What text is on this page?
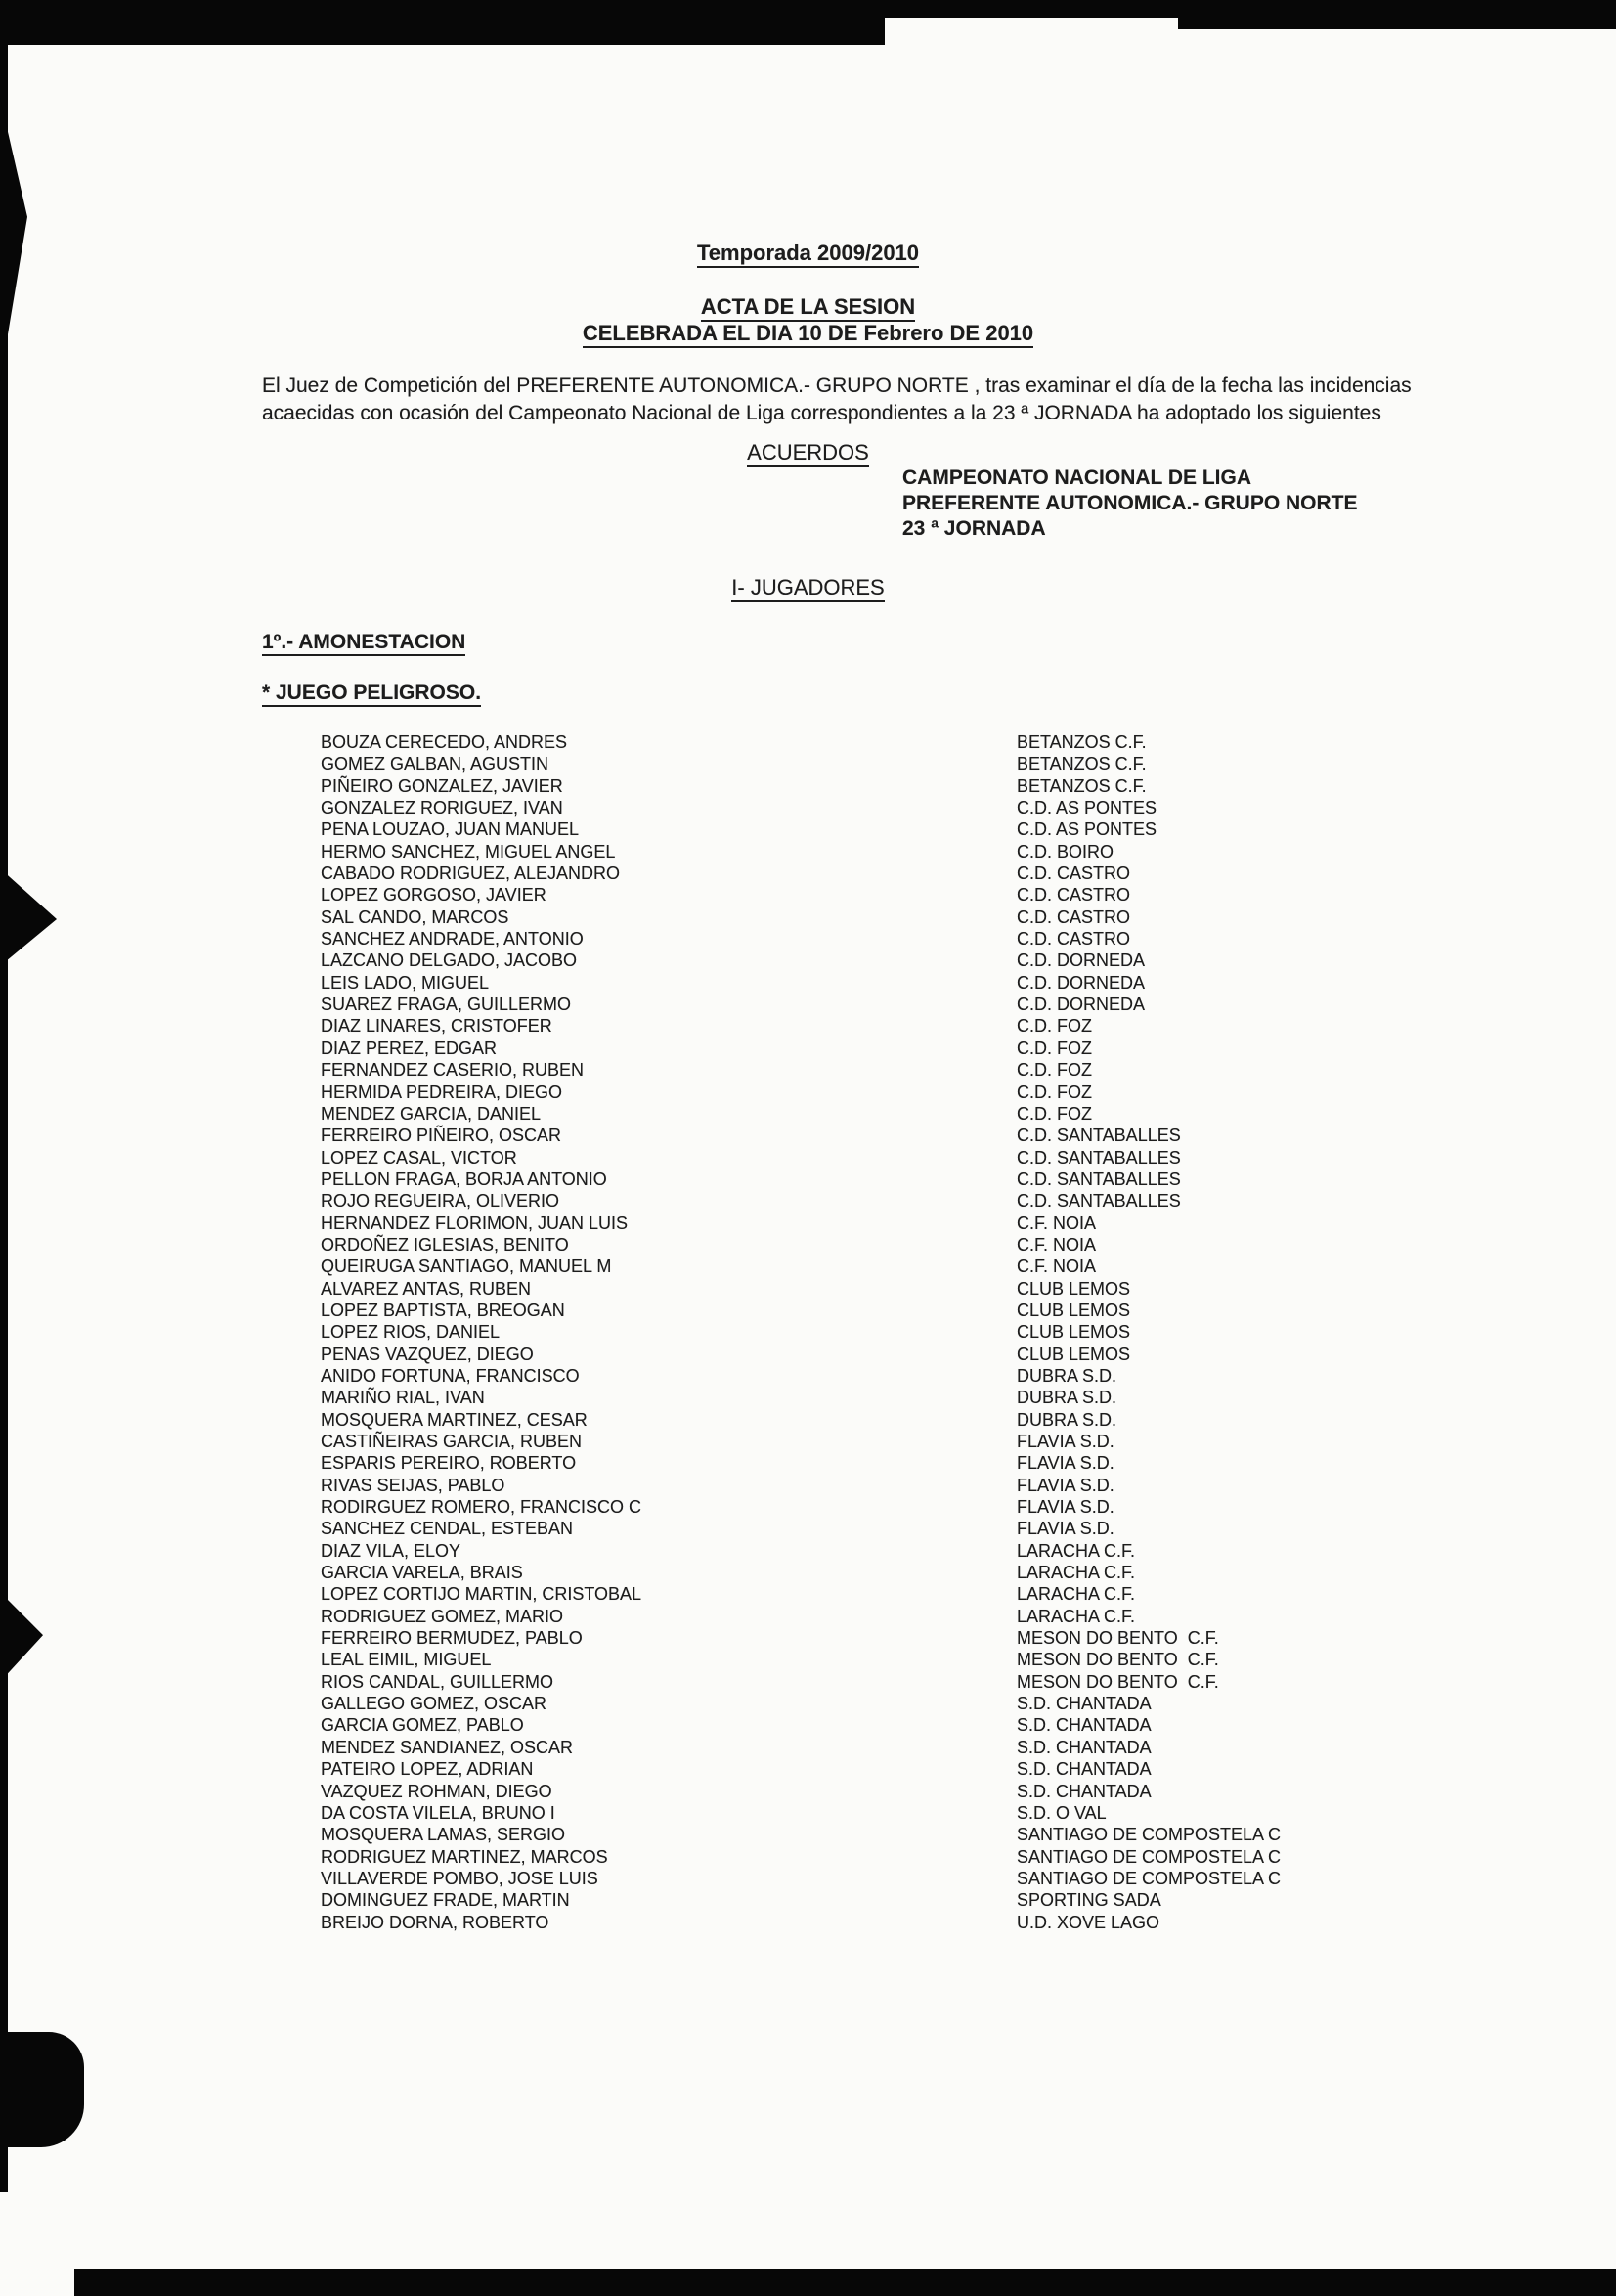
Temporada 2009/2010
ACTA DE LA SESION
CELEBRADA EL DIA 10 DE Febrero DE 2010
El Juez de Competición del PREFERENTE AUTONOMICA.- GRUPO NORTE , tras examinar el día de la fecha las incidencias
acaecidas con ocasión del Campeonato Nacional de Liga correspondientes a la 23 ª JORNADA ha adoptado los siguientes
ACUERDOS
CAMPEONATO NACIONAL DE LIGA
PREFERENTE AUTONOMICA.- GRUPO NORTE
23 ª JORNADA
I- JUGADORES
1º.- AMONESTACION
* JUEGO PELIGROSO.
BOUZA CERECEDO, ANDRES	BETANZOS C.F.
GOMEZ GALBAN, AGUSTIN	BETANZOS C.F.
PIÑEIRO GONZALEZ, JAVIER	BETANZOS C.F.
GONZALEZ RORIGUEZ, IVAN	C.D. AS PONTES
PENA LOUZAO, JUAN MANUEL	C.D. AS PONTES
HERMO SANCHEZ, MIGUEL ANGEL	C.D. BOIRO
CABADO RODRIGUEZ, ALEJANDRO	C.D. CASTRO
LOPEZ GORGOSO, JAVIER	C.D. CASTRO
SAL CANDO, MARCOS	C.D. CASTRO
SANCHEZ ANDRADE, ANTONIO	C.D. CASTRO
LAZCANO DELGADO, JACOBO	C.D. DORNEDA
LEIS LADO, MIGUEL	C.D. DORNEDA
SUAREZ FRAGA, GUILLERMO	C.D. DORNEDA
DIAZ LINARES, CRISTOFER	C.D. FOZ
DIAZ PEREZ, EDGAR	C.D. FOZ
FERNANDEZ CASERIO, RUBEN	C.D. FOZ
HERMIDA PEDREIRA, DIEGO	C.D. FOZ
MENDEZ GARCIA, DANIEL	C.D. FOZ
FERREIRO PIÑEIRO, OSCAR	C.D. SANTABALLES
LOPEZ CASAL, VICTOR	C.D. SANTABALLES
PELLON FRAGA, BORJA ANTONIO	C.D. SANTABALLES
ROJO REGUEIRA, OLIVERIO	C.D. SANTABALLES
HERNANDEZ FLORIMON, JUAN LUIS	C.F. NOIA
ORDOÑEZ IGLESIAS, BENITO	C.F. NOIA
QUEIRUGA SANTIAGO, MANUEL M	C.F. NOIA
ALVAREZ ANTAS, RUBEN	CLUB LEMOS
LOPEZ BAPTISTA, BREOGAN	CLUB LEMOS
LOPEZ RIOS, DANIEL	CLUB LEMOS
PENAS VAZQUEZ, DIEGO	CLUB LEMOS
ANIDO FORTUNA, FRANCISCO	DUBRA S.D.
MARIÑO RIAL, IVAN	DUBRA S.D.
MOSQUERA MARTINEZ, CESAR	DUBRA S.D.
CASTIÑEIRAS GARCIA, RUBEN	FLAVIA S.D.
ESPARIS PEREIRO, ROBERTO	FLAVIA S.D.
RIVAS SEIJAS, PABLO	FLAVIA S.D.
RODIRGUEZ ROMERO, FRANCISCO C	FLAVIA S.D.
SANCHEZ CENDAL, ESTEBAN	FLAVIA S.D.
DIAZ VILA, ELOY	LARACHA C.F.
GARCIA VARELA, BRAIS	LARACHA C.F.
LOPEZ CORTIJO MARTIN, CRISTOBAL	LARACHA C.F.
RODRIGUEZ GOMEZ, MARIO	LARACHA C.F.
FERREIRO BERMUDEZ, PABLO	MESON DO BENTO  C.F.
LEAL EIMIL, MIGUEL	MESON DO BENTO  C.F.
RIOS CANDAL, GUILLERMO	MESON DO BENTO  C.F.
GALLEGO GOMEZ, OSCAR	S.D. CHANTADA
GARCIA GOMEZ, PABLO	S.D. CHANTADA
MENDEZ SANDIANEZ, OSCAR	S.D. CHANTADA
PATEIRO LOPEZ, ADRIAN	S.D. CHANTADA
VAZQUEZ ROHMAN, DIEGO	S.D. CHANTADA
DA COSTA VILELA, BRUNO I	S.D. O VAL
MOSQUERA LAMAS, SERGIO	SANTIAGO DE COMPOSTELA C
RODRIGUEZ MARTINEZ, MARCOS	SANTIAGO DE COMPOSTELA C
VILLAVERDE POMBO, JOSE LUIS	SANTIAGO DE COMPOSTELA C
DOMINGUEZ FRADE, MARTIN	SPORTING SADA
BREIJO DORNA, ROBERTO	U.D. XOVE LAGO
